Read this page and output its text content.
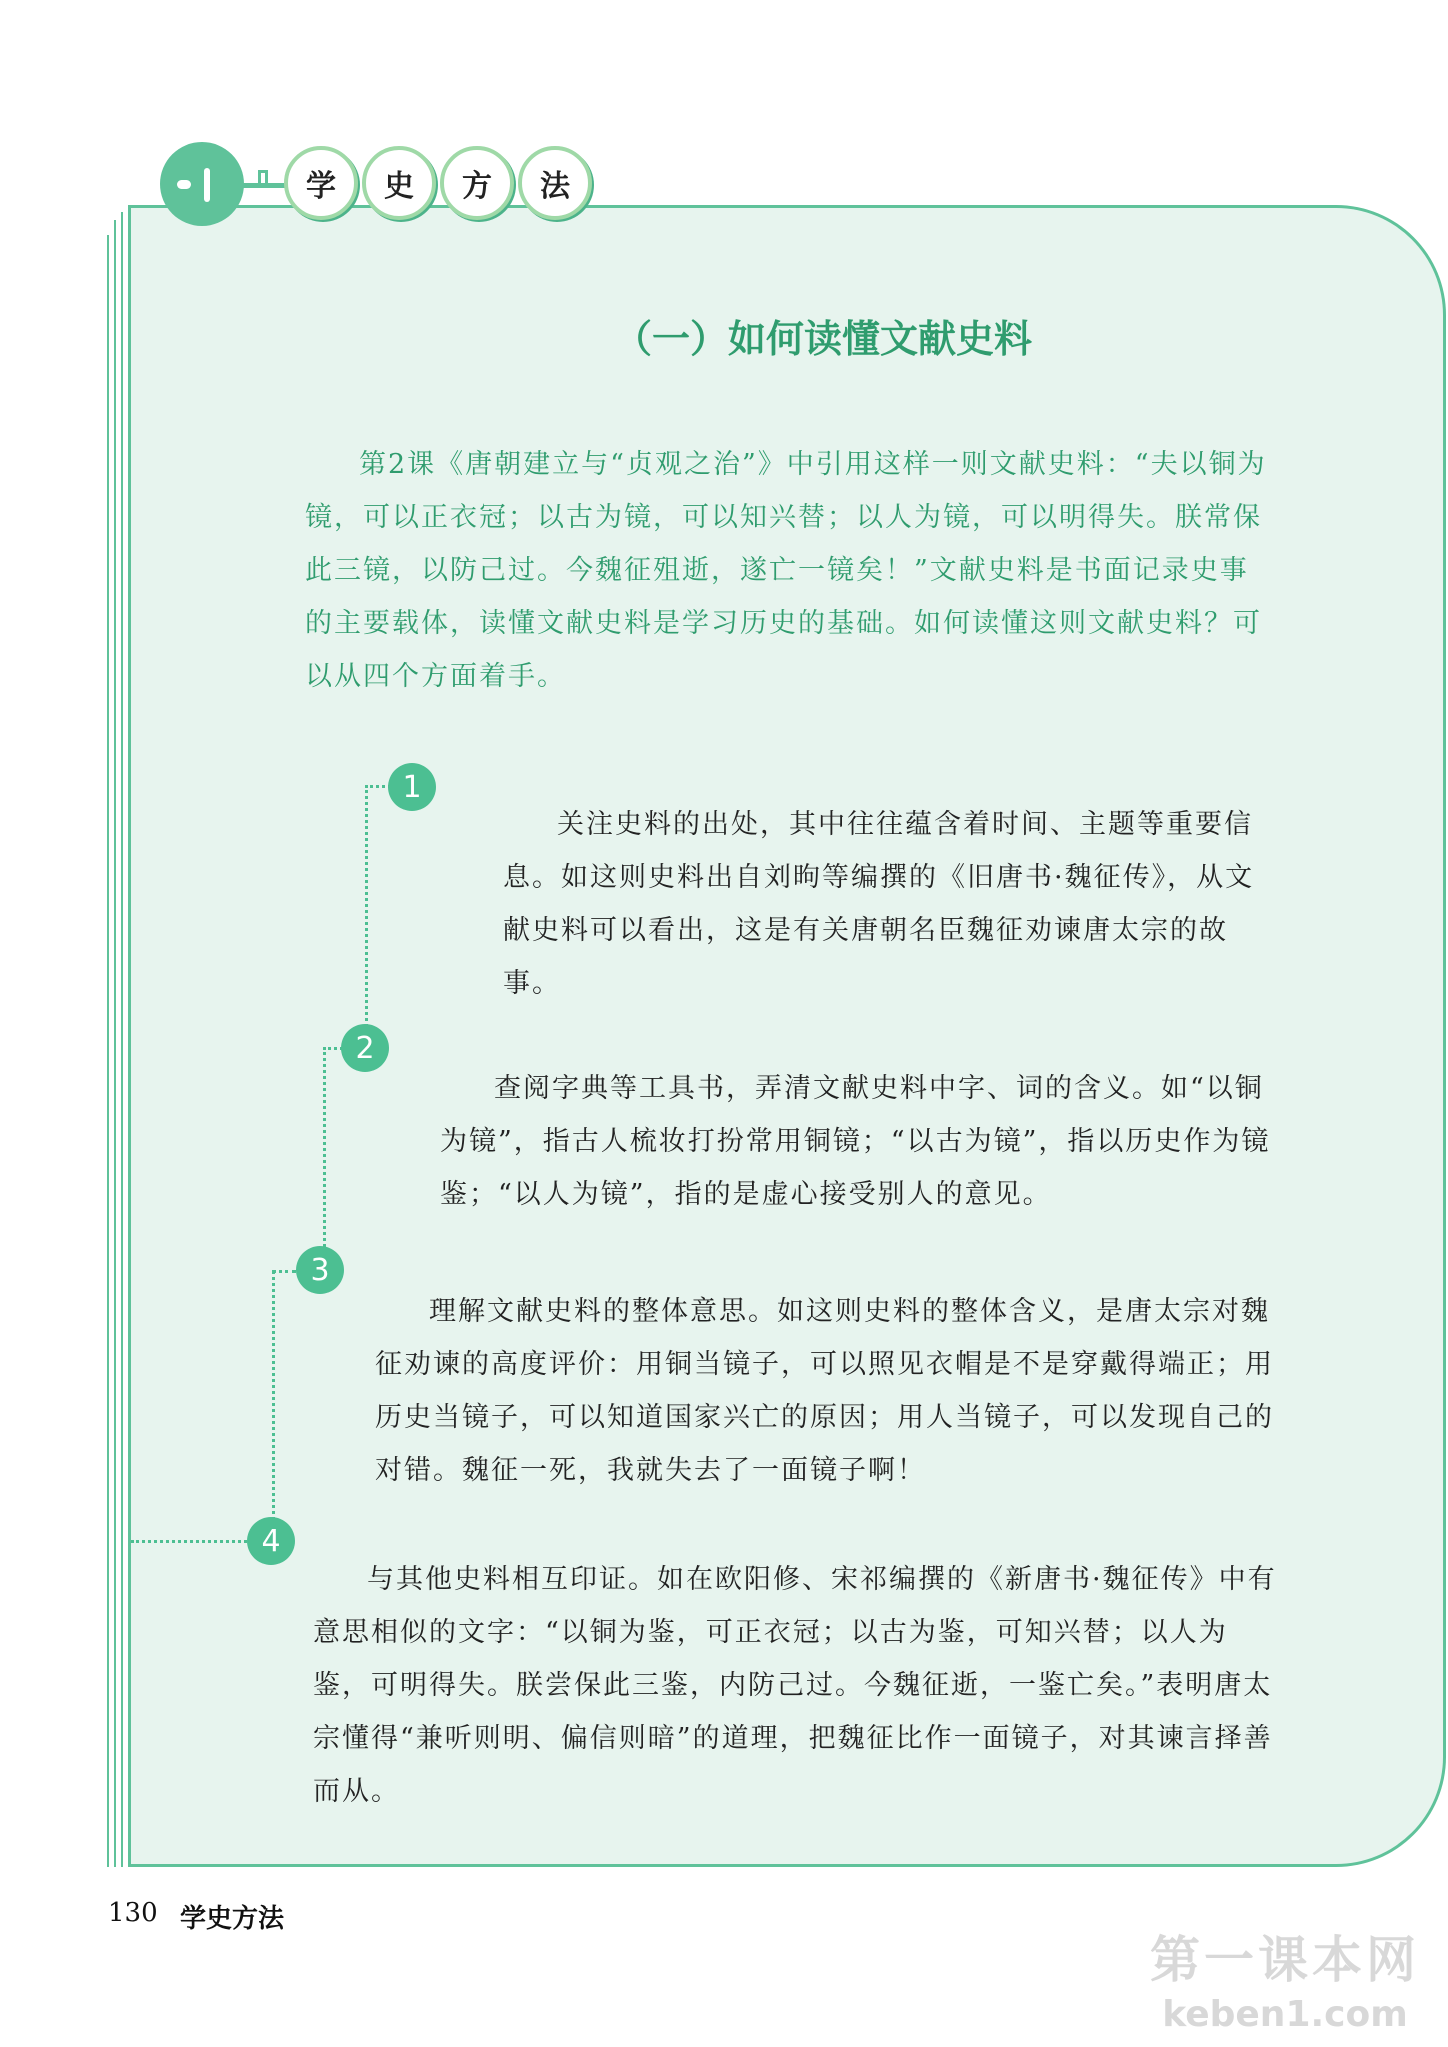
学	史	方	法
（一）如何读懂文献史料
第2课《唐朝建立与“贞观之治”》中引用这样一则文献史料：“夫以铜为镜，可以正衣冠；以古为镜，可以知兴替；以人为镜，可以明得失。朕常保此三镜，以防己过。今魏征殂逝，遂亡一镜矣！”文献史料是书面记录史事的主要载体，读懂文献史料是学习历史的基础。如何读懂这则文献史料？可以从四个方面着手。
1
2
3
4
关注史料的出处，其中往往蕴含着时间、主题等重要信息。如这则史料出自刘昫等编撰的《旧唐书·魏征传》，从文献史料可以看出，这是有关唐朝名臣魏征劝谏唐太宗的故事。
查阅字典等工具书，弄清文献史料中字、词的含义。如“以铜为镜”，指古人梳妆打扮常用铜镜；“以古为镜”，指以历史作为镜鉴；“以人为镜”，指的是虚心接受别人的意见。
理解文献史料的整体意思。如这则史料的整体含义，是唐太宗对魏征劝谏的高度评价：用铜当镜子，可以照见衣帽是不是穿戴得端正；用历史当镜子，可以知道国家兴亡的原因；用人当镜子，可以发现自己的对错。魏征一死，我就失去了一面镜子啊！
与其他史料相互印证。如在欧阳修、宋祁编撰的《新唐书·魏征传》中有意思相似的文字：“以铜为鉴，可正衣冠；以古为鉴，可知兴替；以人为鉴，可明得失。朕尝保此三鉴，内防己过。今魏征逝，一鉴亡矣。”表明唐太宗懂得“兼听则明、偏信则暗”的道理，把魏征比作一面镜子，对其谏言择善而从。
130 学史方法
第一课本网
keben1.com
